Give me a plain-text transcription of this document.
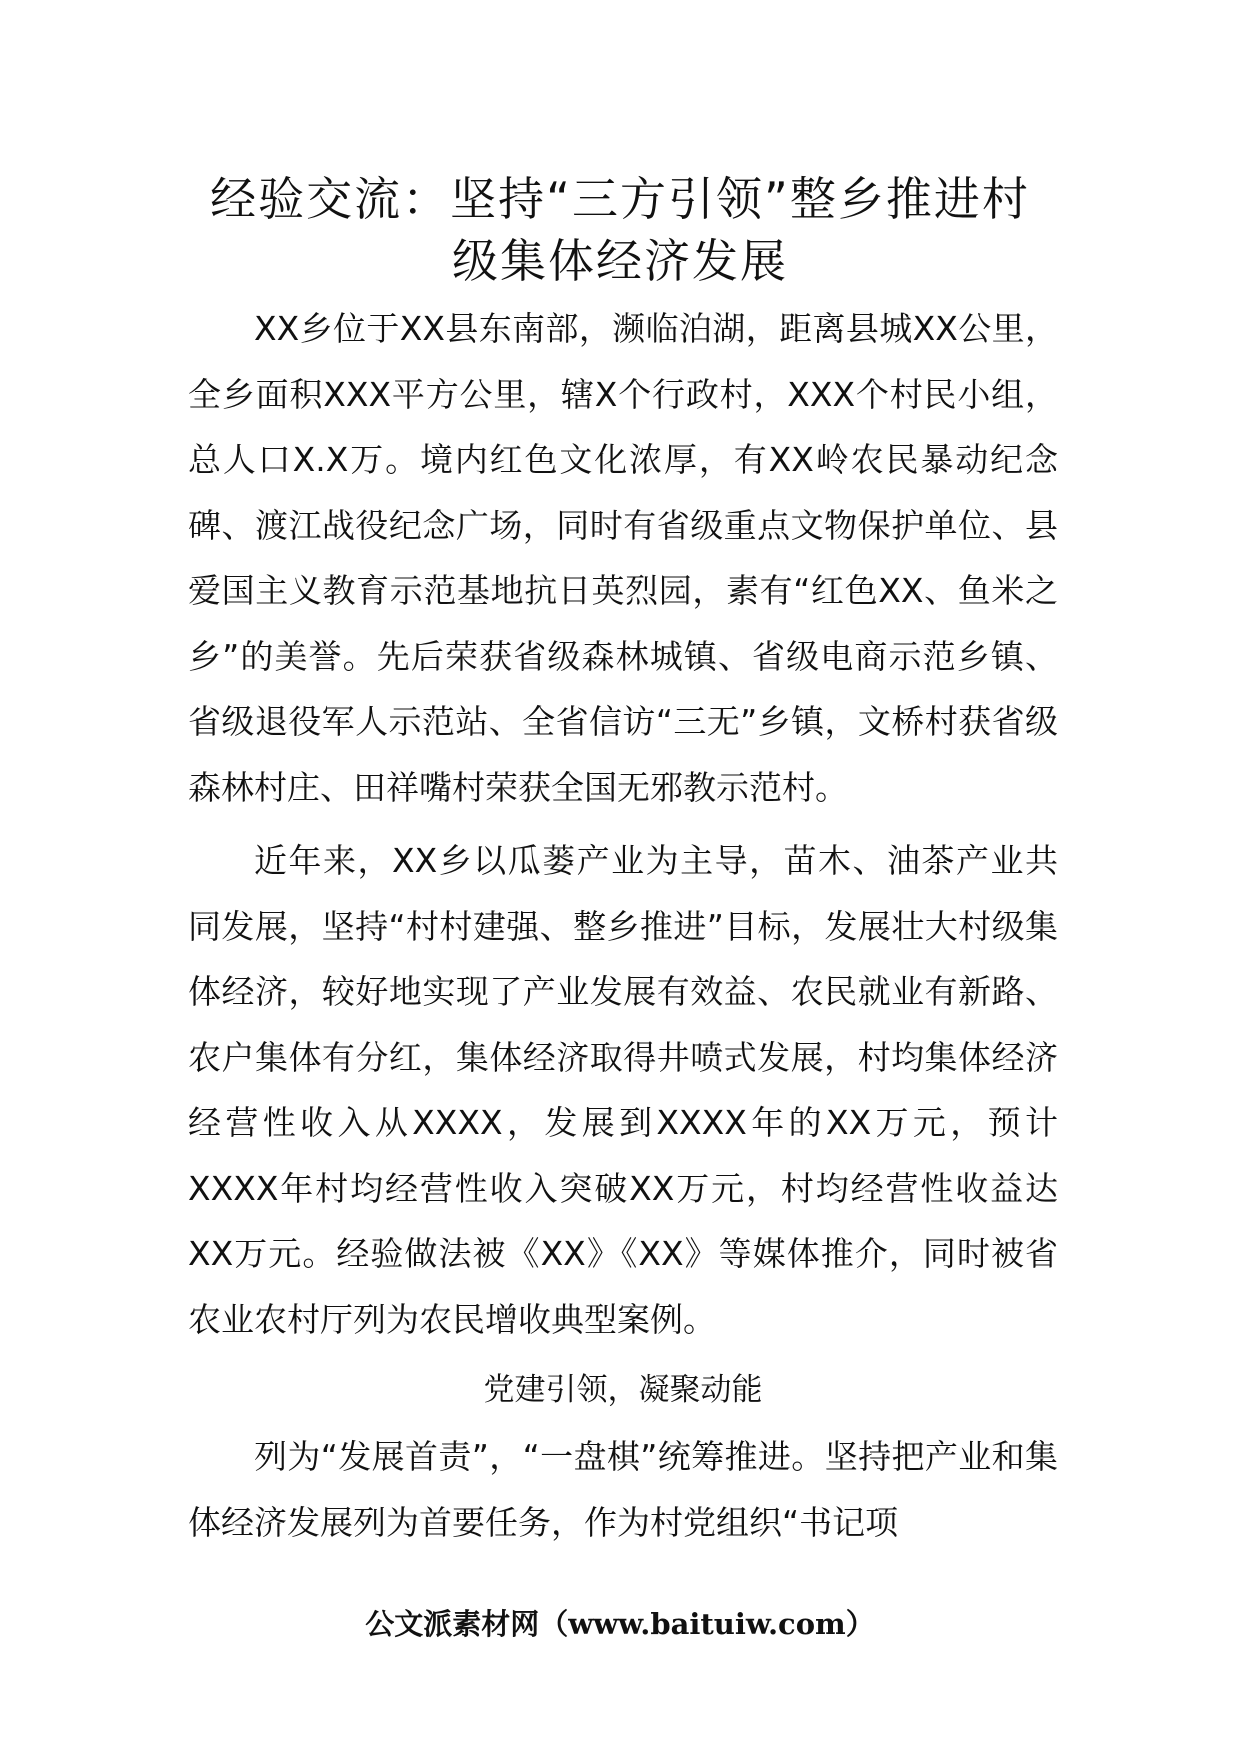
经验交流：坚持“三方引领”整乡推进村
级集体经济发展

XX乡位于XX县东南部，濒临泊湖，距离县城XX公里，全乡面积XXX平方公里，辖X个行政村，XXX个村民小组，总人口X.X万。境内红色文化浓厚，有XX岭农民暴动纪念碑、渡江战役纪念广场，同时有省级重点文物保护单位、县爱国主义教育示范基地抗日英烈园，素有“红色XX、鱼米之乡”的美誉。先后荣获省级森林城镇、省级电商示范乡镇、省级退役军人示范站、全省信访“三无”乡镇，文桥村获省级森林村庄、田祥嘴村荣获全国无邪教示范村。

近年来，XX乡以瓜蒌产业为主导，苗木、油茶产业共同发展，坚持“村村建强、整乡推进”目标，发展壮大村级集体经济，较好地实现了产业发展有效益、农民就业有新路、农户集体有分红，集体经济取得井喷式发展，村均集体经济经营性收入从XXXX，发展到XXXX年的XX万元，预计XXXX年村均经营性收入突破XX万元，村均经营性收益达XX万元。经验做法被《XX》《XX》等媒体推介，同时被省农业农村厅列为农民增收典型案例。

党建引领，凝聚动能

列为“发展首责”，“一盘棋”统筹推进。坚持把产业和集体经济发展列为首要任务，作为村党组织“书记项

公文派素材网（www.baituiw.com）
